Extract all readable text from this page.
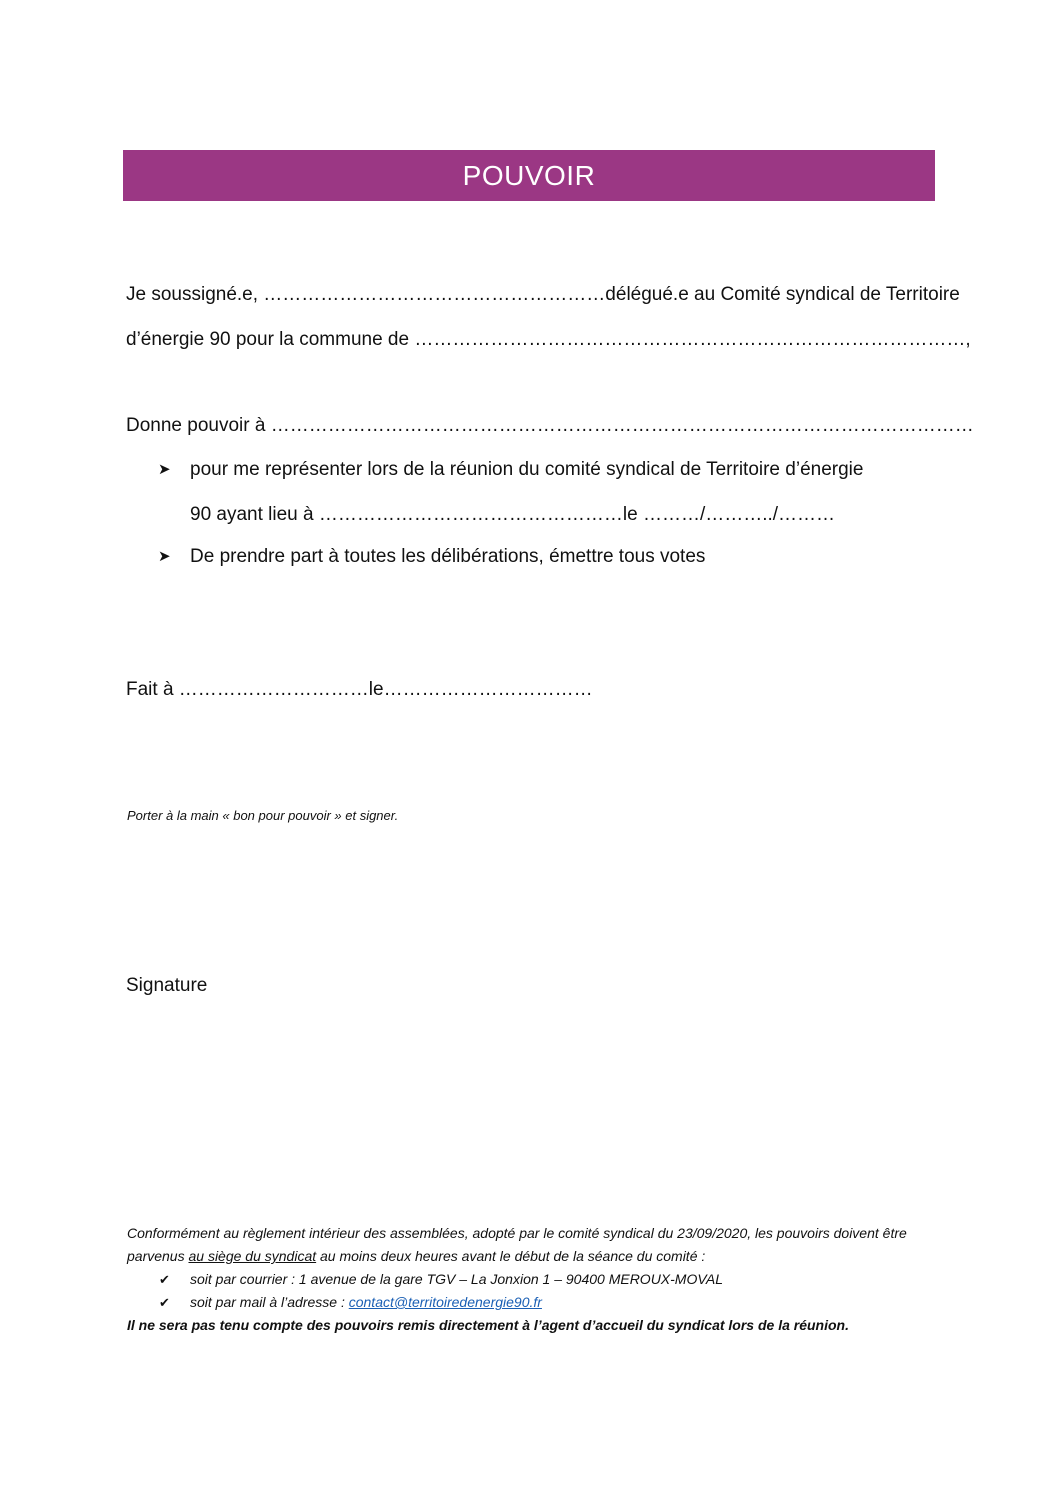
POUVOIR
Je soussigné.e, ………………………………………………délégué.e au Comité syndical de Territoire
d’énergie 90 pour la commune de ……………………………………………………………………………,
Donne pouvoir à …………………………………………………………………………………………………
➤ pour me représenter lors de la réunion du comité syndical de Territoire d’énergie
90 ayant lieu à …………………………………………le ………/………../………
➤ De prendre part à toutes les délibérations, émettre tous votes
Fait à …………………………le……………………………
Porter à la main « bon pour pouvoir » et signer.
Signature

Conformément au règlement intérieur des assemblées, adopté par le comité syndical du 23/09/2020, les pouvoirs doivent être parvenus au siège du syndicat au moins deux heures avant le début de la séance du comité :

✔ soit par courrier : 1 avenue de la gare TGV – La Jonxion 1 – 90400 MEROUX-MOVAL

✔ soit par mail à l’adresse : contact@territoiredenergie90.fr

Il ne sera pas tenu compte des pouvoirs remis directement à l’agent d’accueil du syndicat lors de la réunion.
